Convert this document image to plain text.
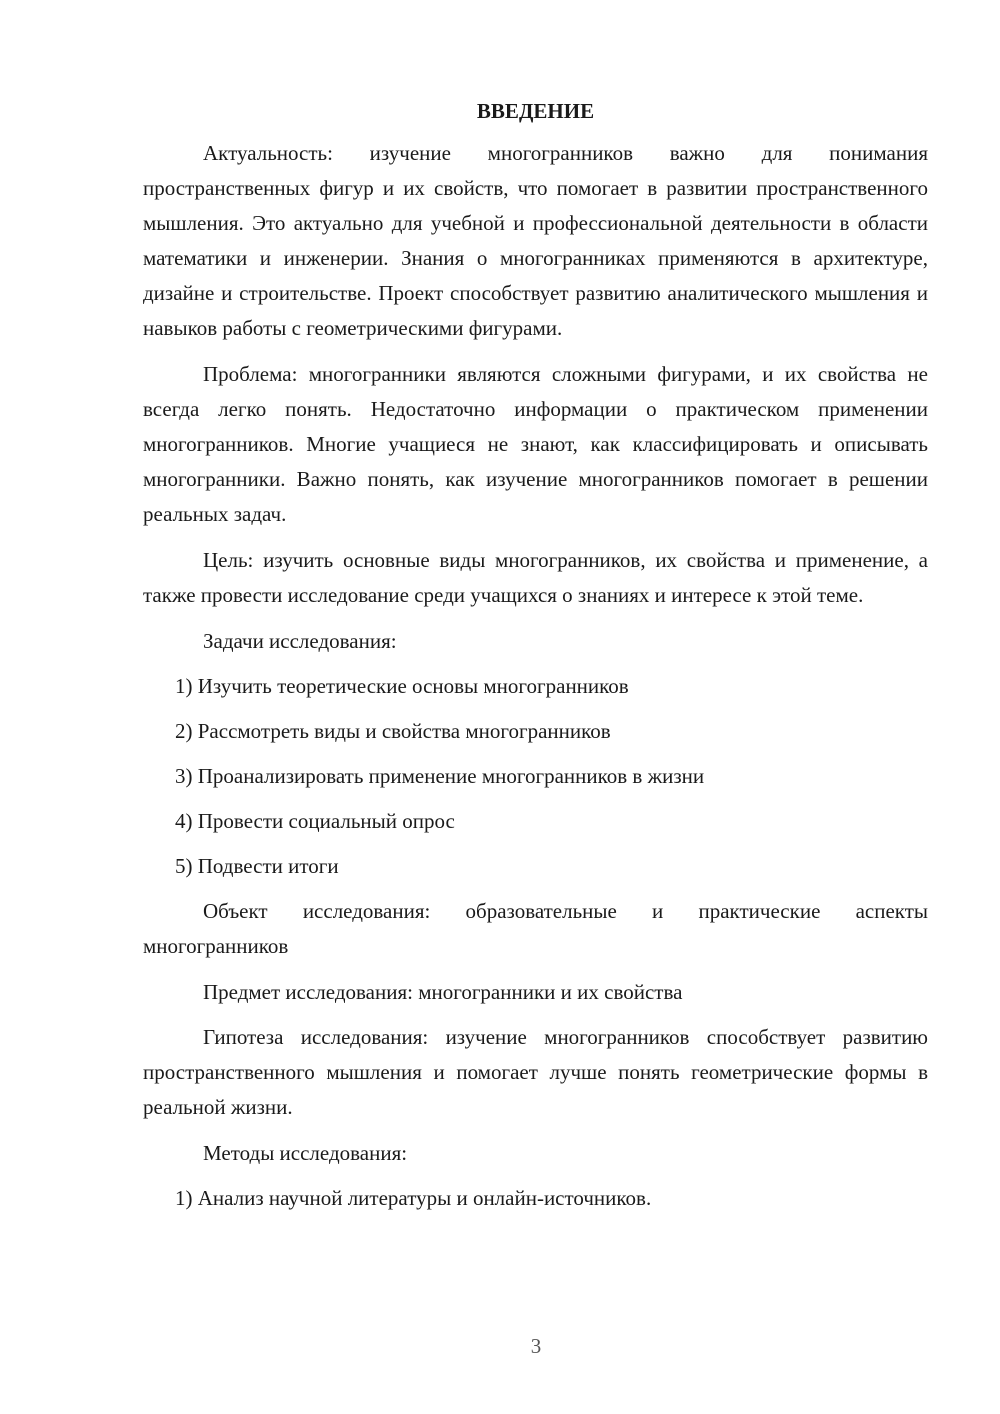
ВВЕДЕНИЕ

Актуальность: изучение многогранников важно для понимания пространственных фигур и их свойств, что помогает в развитии пространственного мышления. Это актуально для учебной и профессиональной деятельности в области математики и инженерии. Знания о многогранниках применяются в архитектуре, дизайне и строительстве. Проект способствует развитию аналитического мышления и навыков работы с геометрическими фигурами.

Проблема: многогранники являются сложными фигурами, и их свойства не всегда легко понять. Недостаточно информации о практическом применении многогранников. Многие учащиеся не знают, как классифицировать и описывать многогранники. Важно понять, как изучение многогранников помогает в решении реальных задач.

Цель: изучить основные виды многогранников, их свойства и применение, а также провести исследование среди учащихся о знаниях и интересе к этой теме.

Задачи исследования:

1) Изучить теоретические основы многогранников
2) Рассмотреть виды и свойства многогранников
3) Проанализировать применение многогранников в жизни
4) Провести социальный опрос
5) Подвести итоги

Объект исследования: образовательные и практические аспекты многогранников

Предмет исследования: многогранники и их свойства

Гипотеза исследования: изучение многогранников способствует развитию пространственного мышления и помогает лучше понять геометрические формы в реальной жизни.

Методы исследования:

1) Анализ научной литературы и онлайн-источников.
3
